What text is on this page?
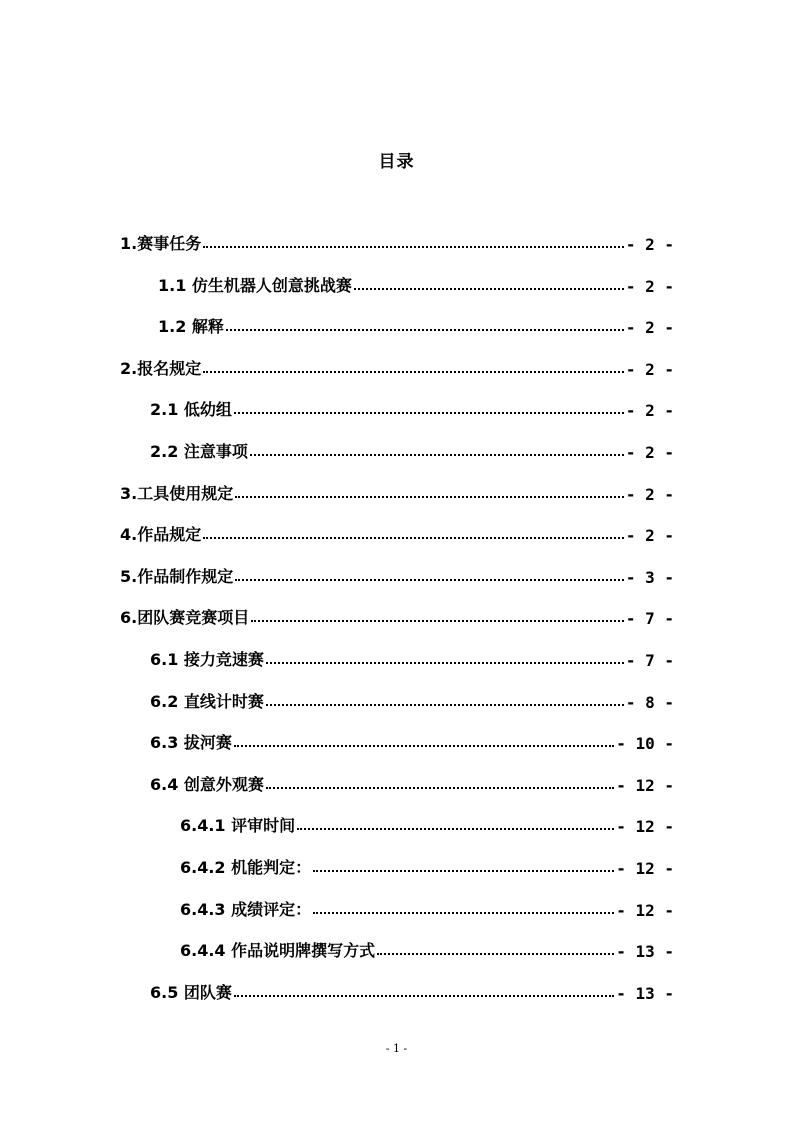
目录
1.赛事任务	- 2 -
1.1 仿生机器人创意挑战赛	- 2 -
1.2 解释	- 2 -
2.报名规定	- 2 -
2.1 低幼组	- 2 -
2.2 注意事项	- 2 -
3.工具使用规定	- 2 -
4.作品规定	- 2 -
5.作品制作规定	- 3 -
6.团队赛竞赛项目	- 7 -
6.1 接力竞速赛	- 7 -
6.2 直线计时赛	- 8 -
6.3 拔河赛	- 10 -
6.4 创意外观赛	- 12 -
6.4.1 评审时间	- 12 -
6.4.2 机能判定：	- 12 -
6.4.3 成绩评定：	- 12 -
6.4.4 作品说明牌撰写方式	- 13 -
6.5 团队赛	- 13 -
- 1 -
